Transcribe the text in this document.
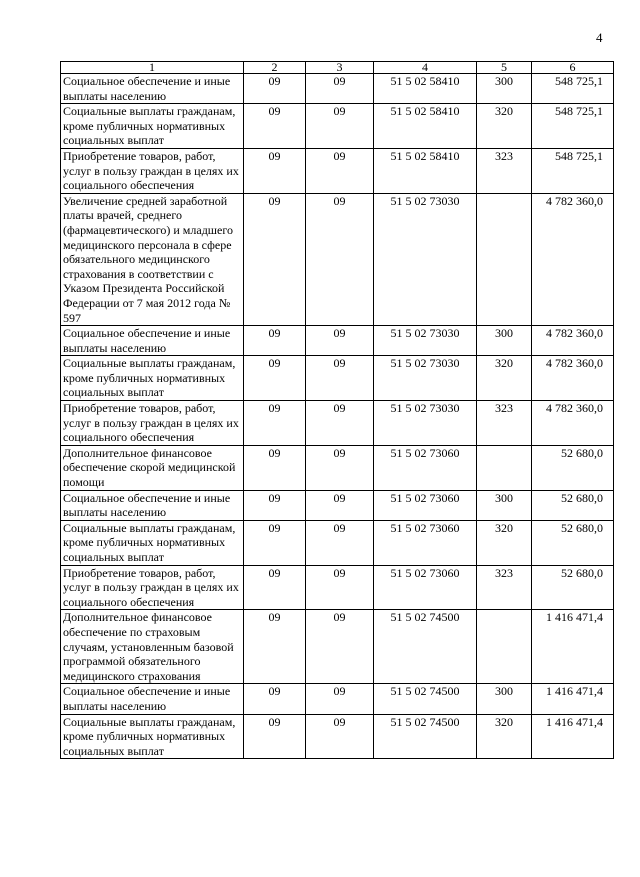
4
1	2	3	4	5	6
Социальное обеспечение и иные выплаты населению	09	09	51 5 02 58410	300	548 725,1
Социальные выплаты гражданам, кроме публичных нормативных социальных выплат	09	09	51 5 02 58410	320	548 725,1
Приобретение товаров, работ, услуг в пользу граждан в целях их социального обеспечения	09	09	51 5 02 58410	323	548 725,1
Увеличение средней заработной платы врачей, среднего (фармацевтического) и младшего медицинского персонала в сфере обязательного медицинского страхования в соответствии с Указом Президента Российской Федерации от 7 мая 2012 года № 597	09	09	51 5 02 73030		4 782 360,0
Социальное обеспечение и иные выплаты населению	09	09	51 5 02 73030	300	4 782 360,0
Социальные выплаты гражданам, кроме публичных нормативных социальных выплат	09	09	51 5 02 73030	320	4 782 360,0
Приобретение товаров, работ, услуг в пользу граждан в целях их социального обеспечения	09	09	51 5 02 73030	323	4 782 360,0
Дополнительное финансовое обеспечение скорой медицинской помощи	09	09	51 5 02 73060		52 680,0
Социальное обеспечение и иные выплаты населению	09	09	51 5 02 73060	300	52 680,0
Социальные выплаты гражданам, кроме публичных нормативных социальных выплат	09	09	51 5 02 73060	320	52 680,0
Приобретение товаров, работ, услуг в пользу граждан в целях их социального обеспечения	09	09	51 5 02 73060	323	52 680,0
Дополнительное финансовое обеспечение по страховым случаям, установленным базовой программой обязательного медицинского страхования	09	09	51 5 02 74500		1 416 471,4
Социальное обеспечение и иные выплаты населению	09	09	51 5 02 74500	300	1 416 471,4
Социальные выплаты гражданам, кроме публичных нормативных социальных выплат	09	09	51 5 02 74500	320	1 416 471,4
